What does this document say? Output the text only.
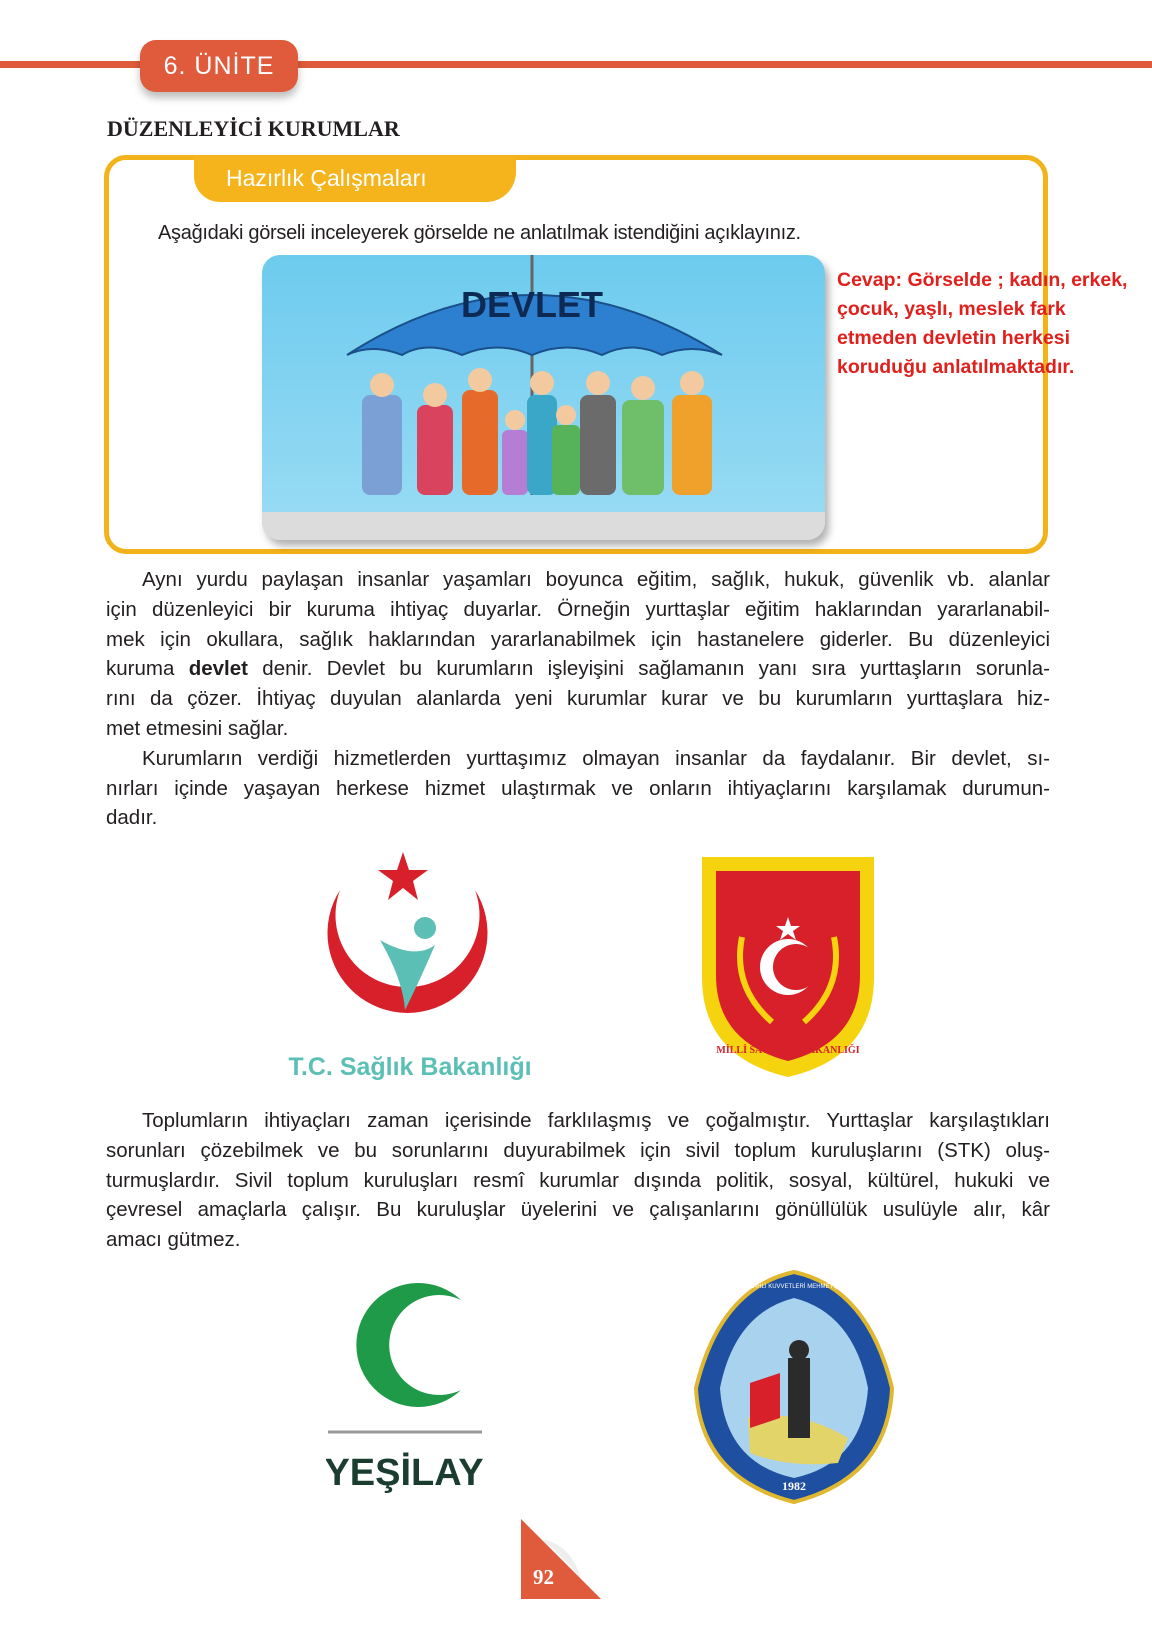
6. ÜNİTE
DÜZENLEYİCİ KURUMLAR
Hazırlık Çalışmaları
Aşağıdaki görseli inceleyerek görselde ne anlatılmak istendiğini açıklayınız.
DEVLET
Cevap: Görselde ; kadın, erkek,
çocuk, yaşlı, meslek fark
etmeden devletin herkesi
koruduğu anlatılmaktadır.
Aynı yurdu paylaşan insanlar yaşamları boyunca eğitim, sağlık, hukuk, güvenlik vb. alanlar
için düzenleyici bir kuruma ihtiyaç duyarlar. Örneğin yurttaşlar eğitim haklarından yararlanabil-
mek için okullara, sağlık haklarından yararlanabilmek için hastanelere giderler. Bu düzenleyici
kuruma devlet denir. Devlet bu kurumların işleyişini sağlamanın yanı sıra yurttaşların sorunla-
rını da çözer. İhtiyaç duyulan alanlarda yeni kurumlar kurar ve bu kurumların yurttaşlara hiz-
met etmesini sağlar.
Kurumların verdiği hizmetlerden yurttaşımız olmayan insanlar da faydalanır. Bir devlet, sı-
nırları içinde yaşayan herkese hizmet ulaştırmak ve onların ihtiyaçlarını karşılamak durumun-
dadır.
T.C. Sağlık Bakanlığı
MİLLİ SAVUNMA BAKANLIĞI
Toplumların ihtiyaçları zaman içerisinde farklılaşmış ve çoğalmıştır. Yurttaşlar karşılaştıkları
sorunları çözebilmek ve bu sorunlarını duyurabilmek için sivil toplum kuruluşlarını (STK) oluş-
turmuşlardır. Sivil toplum kuruluşları resmî kurumlar dışında politik, sosyal, kültürel, hukuki ve
çevresel amaçlarla çalışır. Bu kuruluşlar üyelerini ve çalışanlarını gönüllülük usulüyle alır, kâr
amacı gütmez.
YEŞİLAY	1982
TÜRK SİLAHLI KUVVETLERİ MEHMETÇİK VAKFI
92
